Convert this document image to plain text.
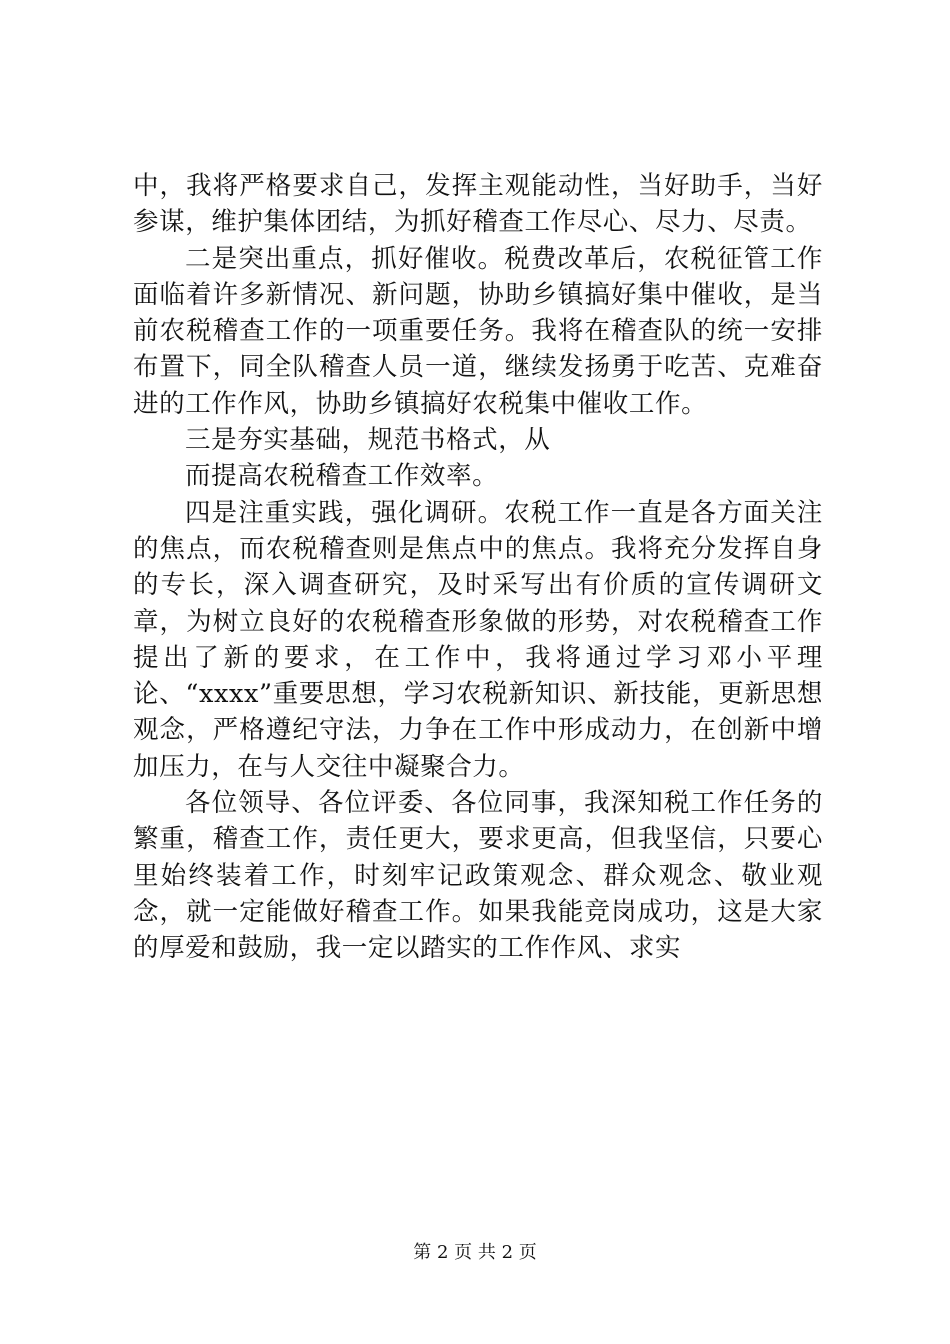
中，我将严格要求自己，发挥主观能动性，当好助手，当好参谋，维护集体团结，为抓好稽查工作尽心、尽力、尽责。

二是突出重点，抓好催收。税费改革后，农税征管工作面临着许多新情况、新问题，协助乡镇搞好集中催收，是当前农税稽查工作的一项重要任务。我将在稽查队的统一安排布置下，同全队稽查人员一道，继续发扬勇于吃苦、克难奋进的工作作风，协助乡镇搞好农税集中催收工作。

三是夯实基础，规范书格式，从

而提高农税稽查工作效率。

四是注重实践，强化调研。农税工作一直是各方面关注的焦点，而农税稽查则是焦点中的焦点。我将充分发挥自身的专长，深入调查研究，及时采写出有价质的宣传调研文章，为树立良好的农税稽查形象做的形势，对农税稽查工作提出了新的要求，在工作中，我将通过学习邓小平理论、“xxxx”重要思想，学习农税新知识、新技能，更新思想观念，严格遵纪守法，力争在工作中形成动力，在创新中增加压力，在与人交往中凝聚合力。

各位领导、各位评委、各位同事，我深知税工作任务的繁重，稽查工作，责任更大，要求更高，但我坚信，只要心里始终装着工作，时刻牢记政策观念、群众观念、敬业观念，就一定能做好稽查工作。如果我能竞岗成功，这是大家的厚爱和鼓励，我一定以踏实的工作作风、求实

第 2 页 共 2 页
